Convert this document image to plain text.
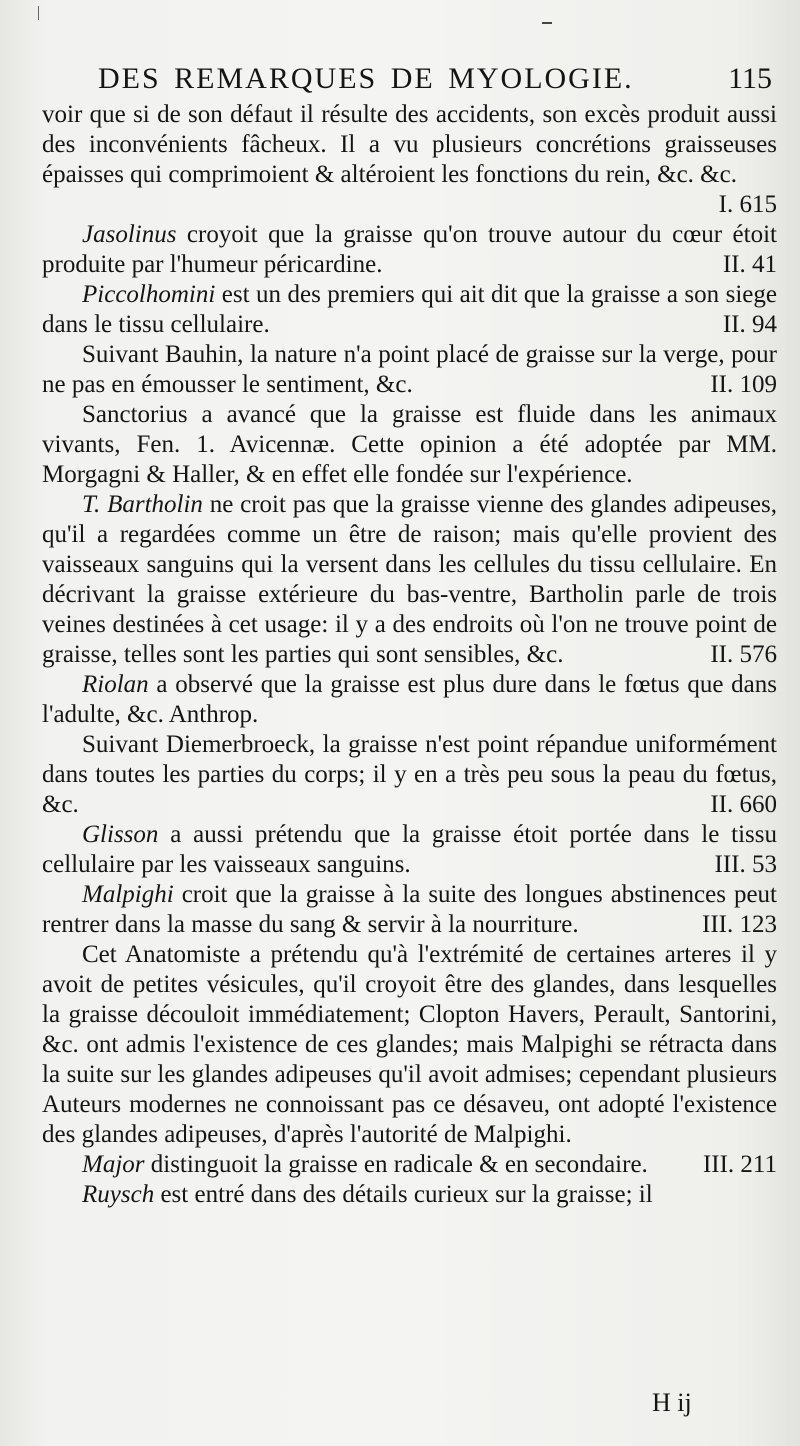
DES REMARQUES DE MYOLOGIE.	115

voir que si de son défaut il résulte des accidents, son excès produit aussi des inconvénients fâcheux. Il a vu plusieurs concrétions graisseuses épaisses qui comprimoient & altéroient les fonctions du rein, &c. &c.
I. 615

Jasolinus croyoit que la graisse qu'on trouve autour du cœur étoit produite par l'humeur péricardine.	II. 41

Piccolhomini est un des premiers qui ait dit que la graisse a son siege dans le tissu cellulaire.	II. 94

Suivant Bauhin, la nature n'a point placé de graisse sur la verge, pour ne pas en émousser le sentiment, &c.	II. 109

Sanctorius a avancé que la graisse est fluide dans les animaux vivants, Fen. 1. Avicennæ. Cette opinion a été adoptée par MM. Morgagni & Haller, & en effet elle fondée sur l'expérience.

T. Bartholin ne croit pas que la graisse vienne des glandes adipeuses, qu'il a regardées comme un être de raison; mais qu'elle provient des vaisseaux sanguins qui la versent dans les cellules du tissu cellulaire. En décrivant la graisse extérieure du bas-ventre, Bartholin parle de trois veines destinées à cet usage: il y a des endroits où l'on ne trouve point de graisse, telles sont les parties qui sont sensibles, &c.	II. 576

Riolan a observé que la graisse est plus dure dans le fœtus que dans l'adulte, &c. Anthrop.

Suivant Diemerbroeck, la graisse n'est point répandue uniformément dans toutes les parties du corps; il y en a très peu sous la peau du fœtus, &c.	II. 660

Glisson a aussi prétendu que la graisse étoit portée dans le tissu cellulaire par les vaisseaux sanguins.	III. 53

Malpighi croit que la graisse à la suite des longues abstinences peut rentrer dans la masse du sang & servir à la nourriture.	III. 123

Cet Anatomiste a prétendu qu'à l'extrémité de certaines arteres il y avoit de petites vésicules, qu'il croyoit être des glandes, dans lesquelles la graisse découloit immédiatement; Clopton Havers, Perault, Santorini, &c. ont admis l'existence de ces glandes; mais Malpighi se rétracta dans la suite sur les glandes adipeuses qu'il avoit admises; cependant plusieurs Auteurs modernes ne connoissant pas ce désaveu, ont adopté l'existence des glandes adipeuses, d'après l'autorité de Malpighi.

Major distinguoit la graisse en radicale & en secondaire.	III. 211

Ruysch est entré dans des détails curieux sur la graisse; il

H ij
